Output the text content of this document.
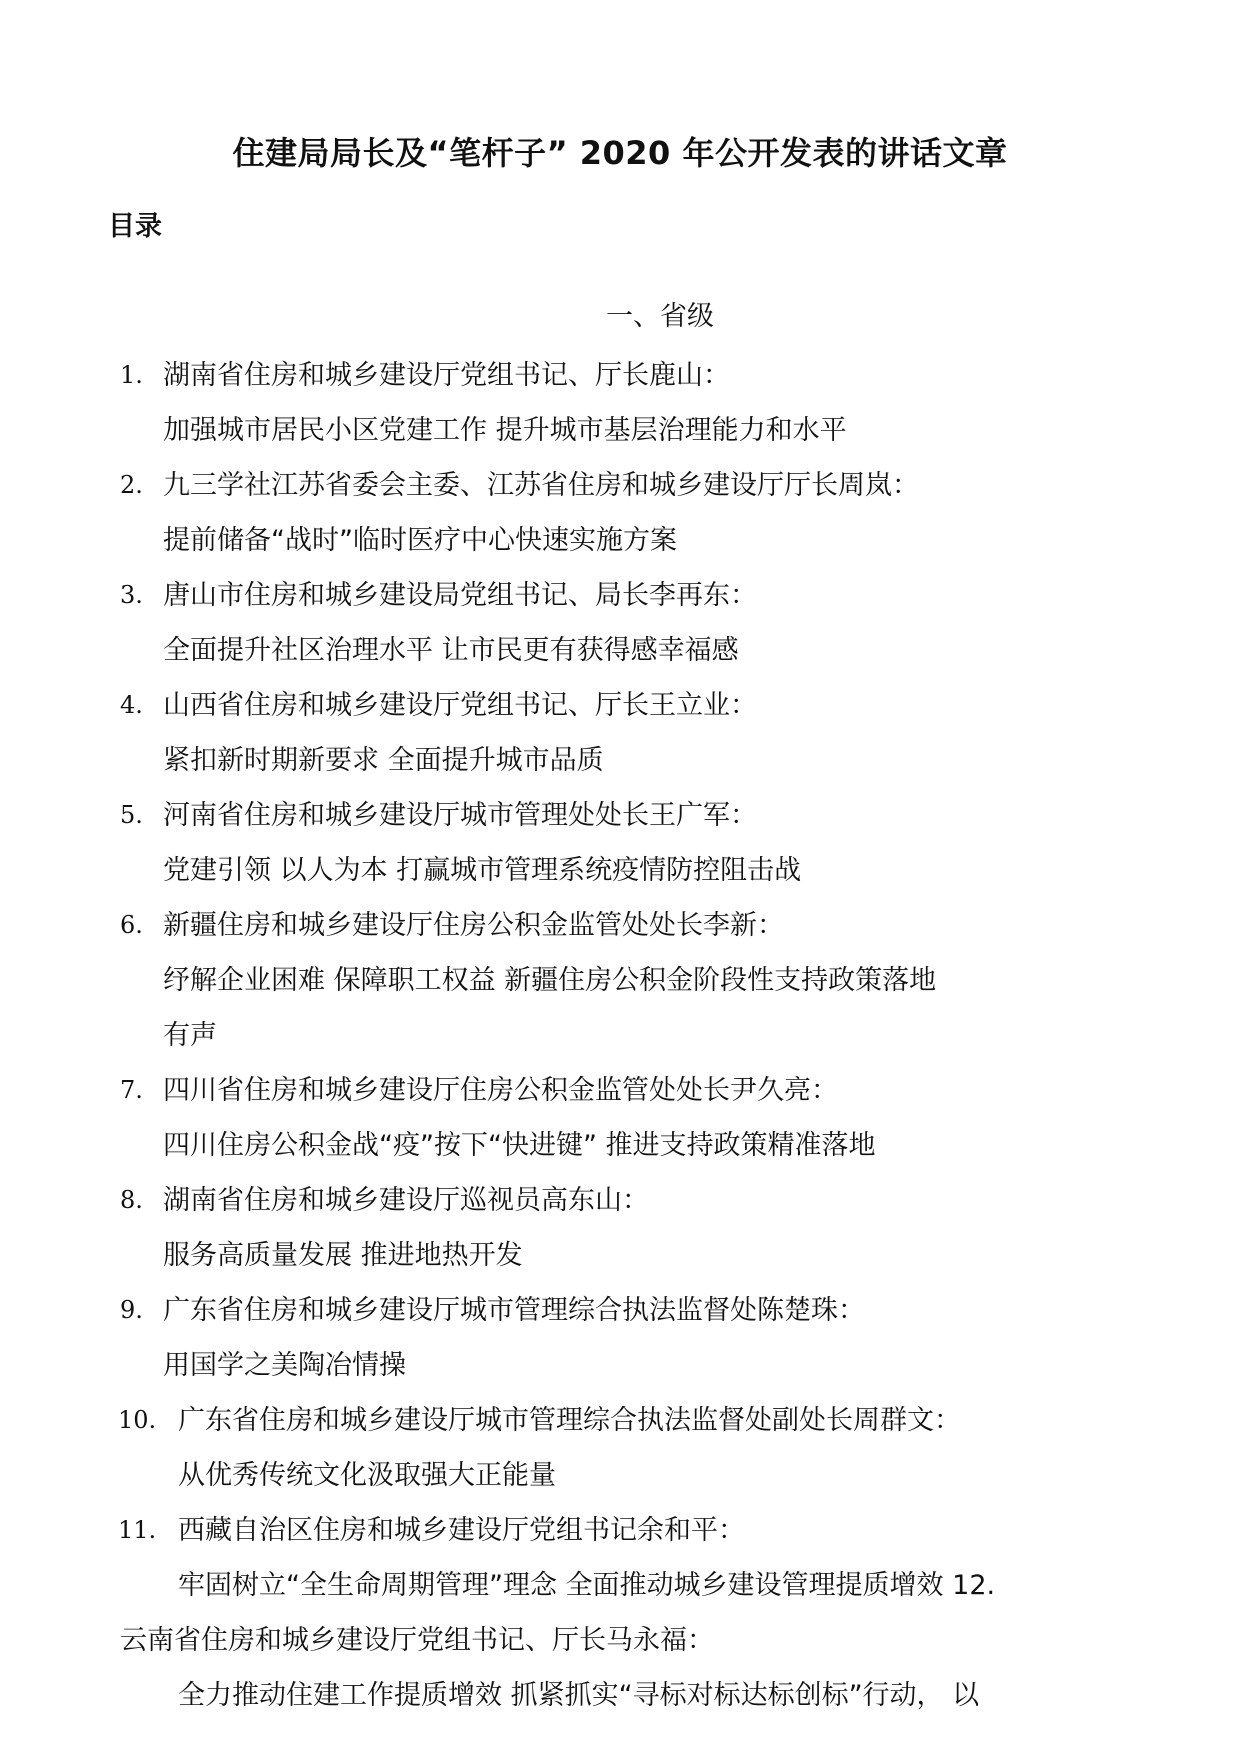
住建局局长及“笔杆子” 2020 年公开发表的讲话文章
目录
一、省级
1. 湖南省住房和城乡建设厅党组书记、厅长鹿山：
加强城市居民小区党建工作 提升城市基层治理能力和水平
2. 九三学社江苏省委会主委、江苏省住房和城乡建设厅厅长周岚：
提前储备“战时”临时医疗中心快速实施方案
3. 唐山市住房和城乡建设局党组书记、局长李再东：
全面提升社区治理水平 让市民更有获得感幸福感
4. 山西省住房和城乡建设厅党组书记、厅长王立业：
紧扣新时期新要求 全面提升城市品质
5. 河南省住房和城乡建设厅城市管理处处长王广军：
党建引领 以人为本 打赢城市管理系统疫情防控阻击战
6. 新疆住房和城乡建设厅住房公积金监管处处长李新：
纾解企业困难 保障职工权益 新疆住房公积金阶段性支持政策落地
有声
7. 四川省住房和城乡建设厅住房公积金监管处处长尹久亮：
四川住房公积金战“疫”按下“快进键” 推进支持政策精准落地
8. 湖南省住房和城乡建设厅巡视员高东山：
服务高质量发展 推进地热开发
9. 广东省住房和城乡建设厅城市管理综合执法监督处陈楚珠：
用国学之美陶冶情操
10. 广东省住房和城乡建设厅城市管理综合执法监督处副处长周群文：
从优秀传统文化汲取强大正能量
11. 西藏自治区住房和城乡建设厅党组书记余和平：
牢固树立“全生命周期管理”理念 全面推动城乡建设管理提质增效 12.
云南省住房和城乡建设厅党组书记、厅长马永福：
全力推动住建工作提质增效 抓紧抓实“寻标对标达标创标”行动， 以
